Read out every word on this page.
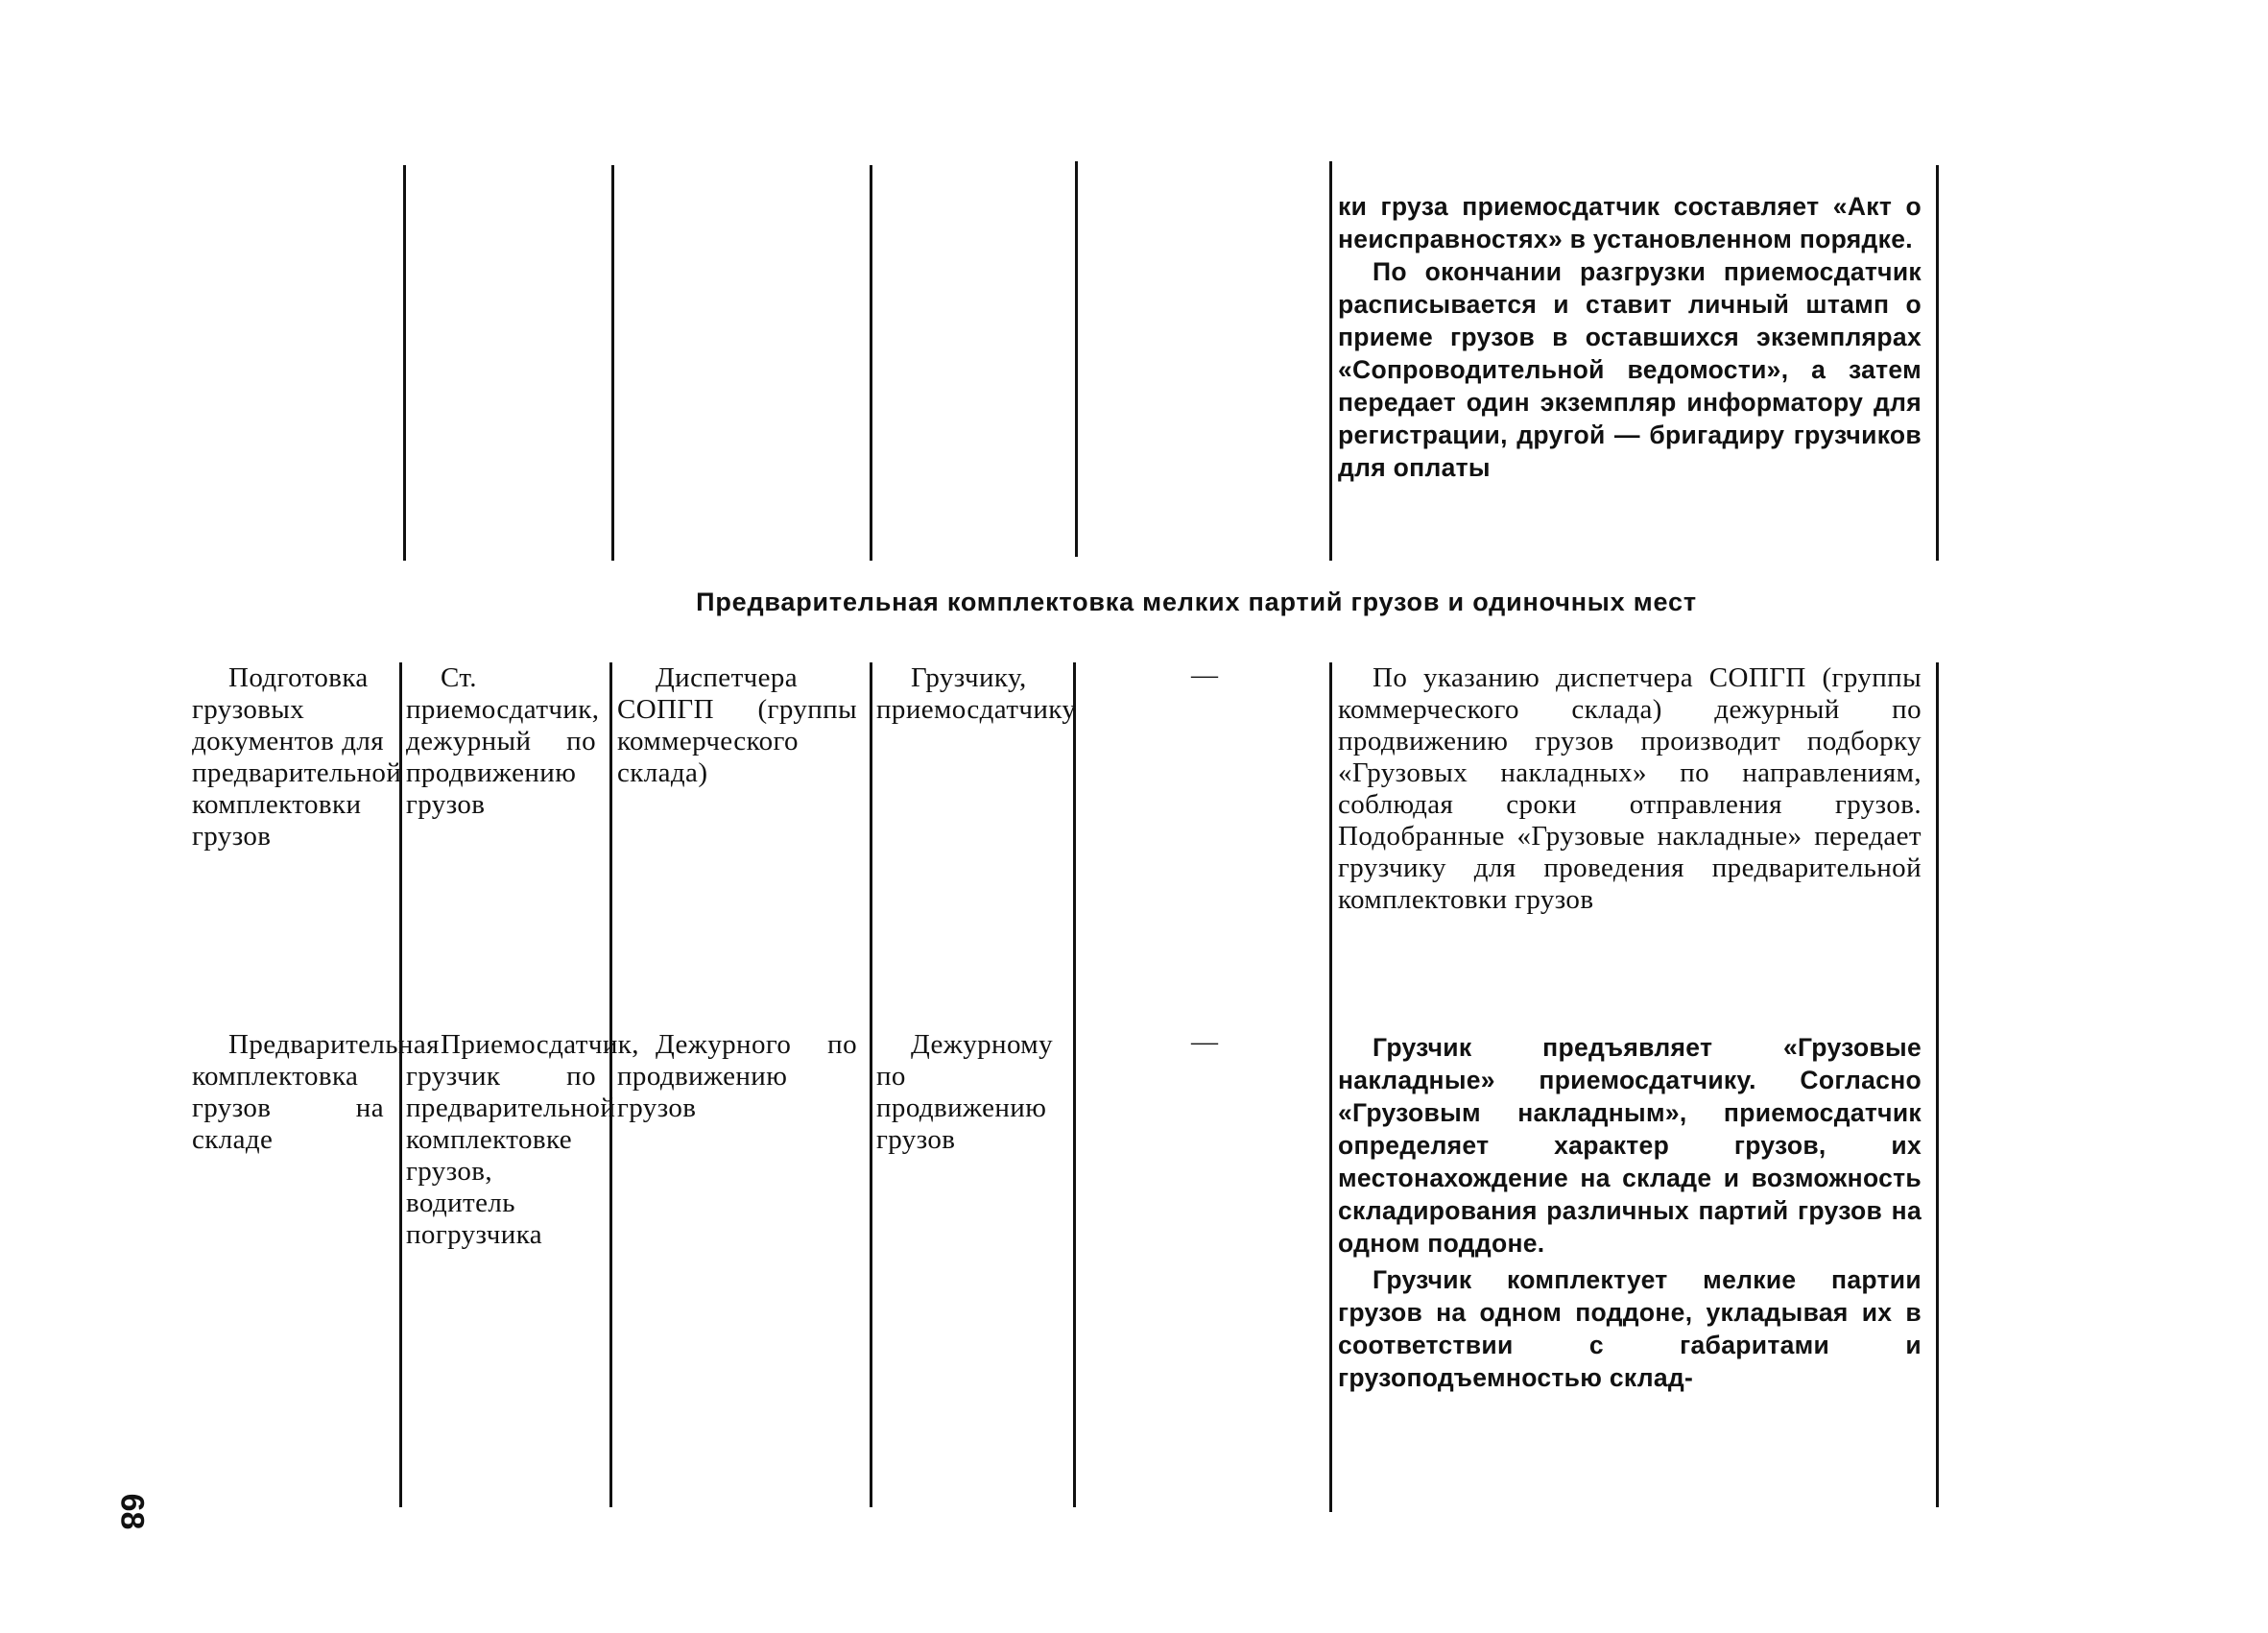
ки груза приемосдатчик составляет «Акт о неисправностях» в установленном порядке.
По окончании разгрузки приемосдатчик расписывается и ставит личный штамп о приеме грузов в оставшихся экземплярах «Сопроводительной ведомости», а затем передает один экземпляр информатору для регистрации, другой — бригадиру грузчиков для оплаты
Предварительная комплектовка мелких партий грузов и одиночных мест
Подготовка грузовых документов для предварительной комплектовки грузов
Ст. приемосдатчик, дежурный по продвижению грузов
Диспетчера СОПГП (группы коммерческого склада)
Грузчику, приемосдатчику
—	По указанию диспетчера СОПГП (группы коммерческого склада) дежурный по продвижению грузов производит подборку «Грузовых накладных» по направлениям, соблюдая сроки отправления грузов. Подобранные «Грузовые накладные» передает грузчику для проведения предварительной комплектовки грузов
Предварительная комплектовка грузов на складе
Приемосдатчик, грузчик по предварительной комплектовке грузов, водитель погрузчика
Дежурного по продвижению грузов
Дежурному по продвижению грузов
—	Грузчик предъявляет «Грузовые накладные» приемосдатчику. Согласно «Грузовым накладным», приемосдатчик определяет характер грузов, их местонахождение на складе и возможность складирования различных партий грузов на одном поддоне.
Грузчик комплектует мелкие партии грузов на одном поддоне, укладывая их в соответствии с габаритами и грузоподъемностью склад-
68
